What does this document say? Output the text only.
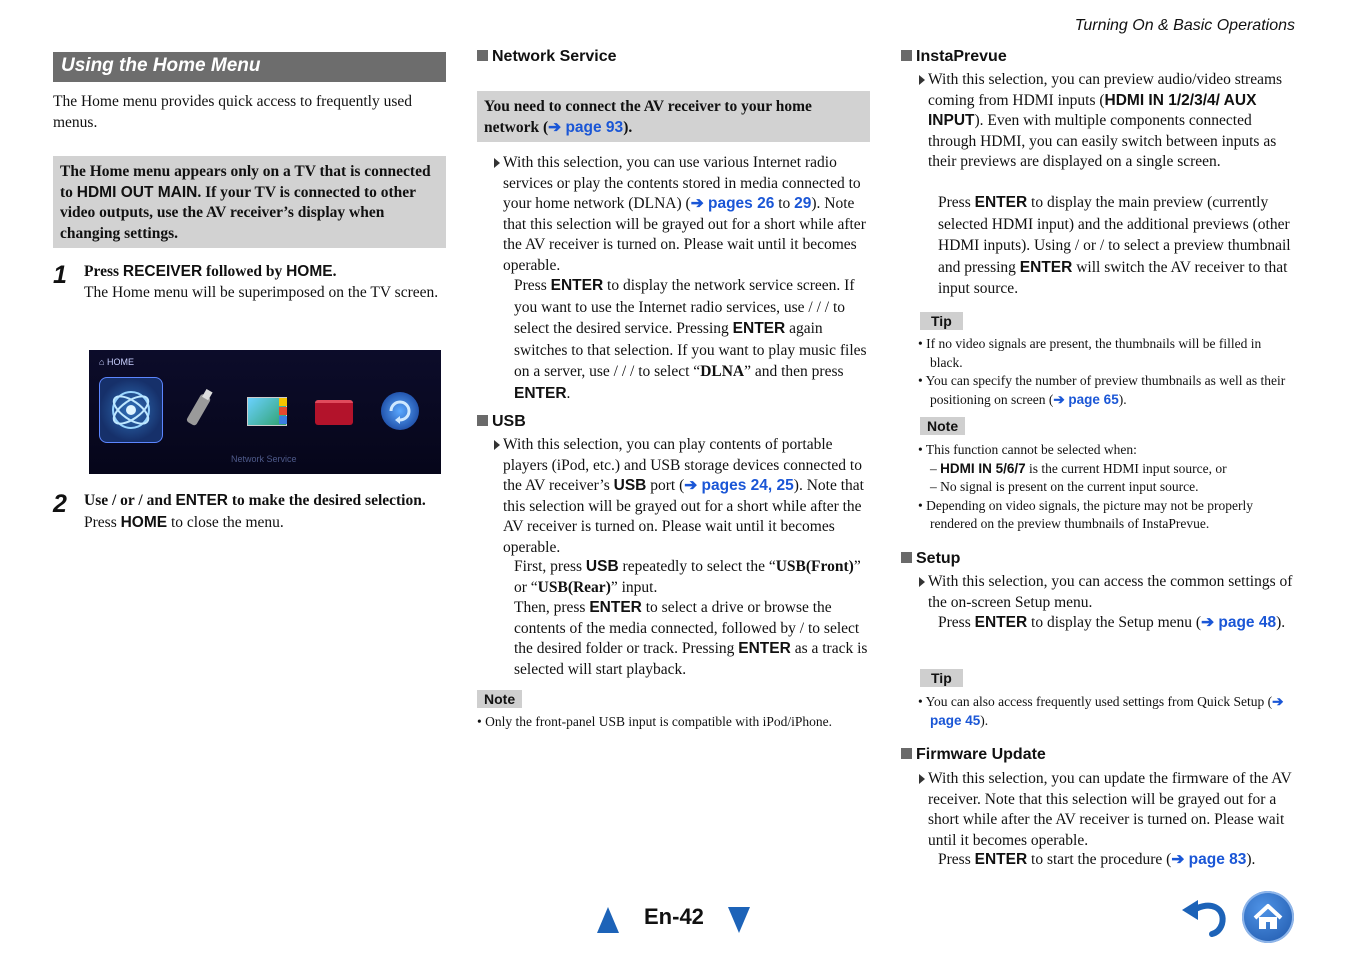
Turning On & Basic Operations
Using the Home Menu

The Home menu provides quick access to frequently used menus.

The Home menu appears only on a TV that is connected to HDMI OUT MAIN. If your TV is connected to other video outputs, use the AV receiver’s display when changing settings.
1 Press RECEIVER followed by HOME.

The Home menu will be superimposed on the TV screen.

⌂ HOME
Network Service
2 Use / or / and ENTER to make the desired selection.

Press HOME to close the menu.

Network Service
You need to connect the AV receiver to your home network (➔ page 93).

With this selection, you can use various Internet radio services or play the contents stored in media connected to your home network (DLNA) (➔ pages 26 to 29). Note that this selection will be grayed out for a short while after the AV receiver is turned on. Please wait until it becomes operable.

Press ENTER to display the network service screen. If you want to use the Internet radio services, use / / / to select the desired service. Pressing ENTER again switches to that selection. If you want to play music files on a server, use / / / to select “DLNA” and then press ENTER.

USB

With this selection, you can play contents of portable players (iPod, etc.) and USB storage devices connected to the AV receiver’s USB port (➔ pages 24, 25). Note that this selection will be grayed out for a short while after the AV receiver is turned on. Please wait until it becomes operable.

First, press USB repeatedly to select the “USB(Front)” or “USB(Rear)” input.

Then, press ENTER to select a drive or browse the contents of the media connected, followed by / to select the desired folder or track. Pressing ENTER as a track is selected will start playback.

Note
• Only the front-panel USB input is compatible with iPod/iPhone.
InstaPrevue

With this selection, you can preview audio/video streams coming from HDMI inputs (HDMI IN 1/2/3/4/ AUX INPUT). Even with multiple components connected through HDMI, you can easily switch between inputs as their previews are displayed on a single screen.

Press ENTER to display the main preview (currently selected HDMI input) and the additional previews (other HDMI inputs). Using / or / to select a preview thumbnail and pressing ENTER will switch the AV receiver to that input source.

Tip

• If no video signals are present, the thumbnails will be filled in black.

• You can specify the number of preview thumbnails as well as their positioning on screen (➔ page 65).

Note

• This function cannot be selected when:

– HDMI IN 5/6/7 is the current HDMI input source, or

– No signal is present on the current input source.

• Depending on video signals, the picture may not be properly rendered on the preview thumbnails of InstaPrevue.

Setup

With this selection, you can access the common settings of the on-screen Setup menu.

Press ENTER to display the Setup menu (➔ page 48).

Tip

• You can also access frequently used settings from Quick Setup (➔ page 45).

Firmware Update

With this selection, you can update the firmware of the AV receiver. Note that this selection will be grayed out for a short while after the AV receiver is turned on. Please wait until it becomes operable.

Press ENTER to start the procedure (➔ page 83).

En-42
